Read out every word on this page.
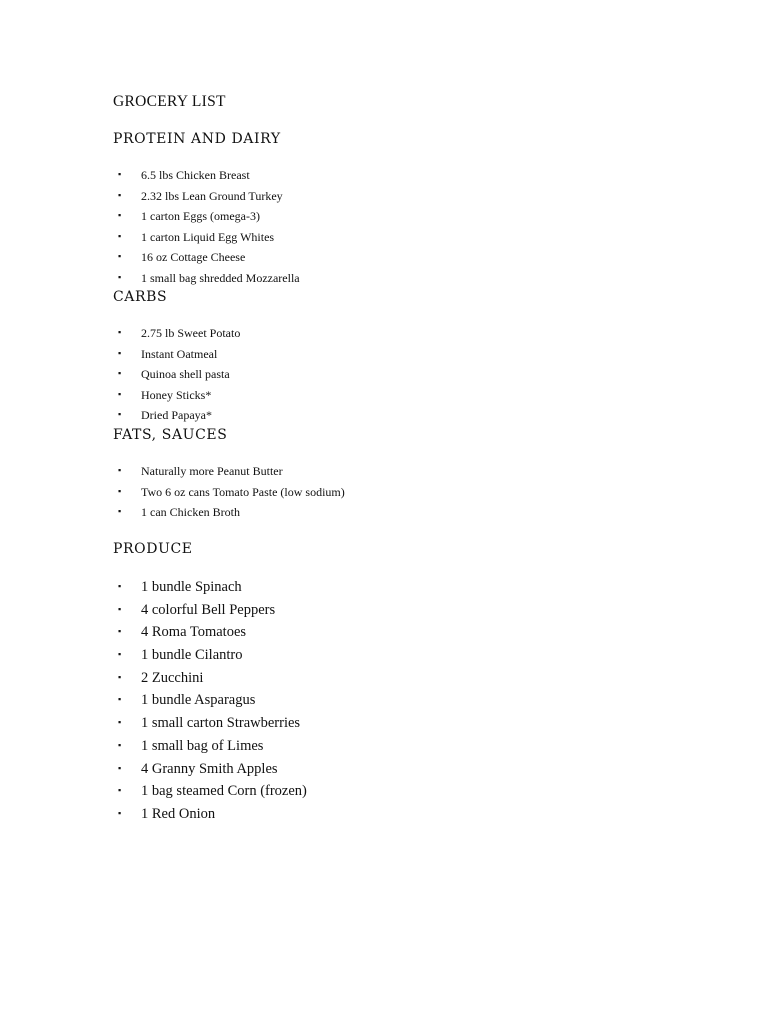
GROCERY LIST
PROTEIN AND DAIRY
▪ 6.5 lbs Chicken Breast
▪ 2.32 lbs Lean Ground Turkey
▪ 1 carton Eggs (omega-3)
▪ 1 carton Liquid Egg Whites
▪ 16 oz Cottage Cheese
▪ 1 small bag shredded Mozzarella
CARBS
▪ 2.75 lb Sweet Potato
▪ Instant Oatmeal
▪ Quinoa shell pasta
▪ Honey Sticks*
▪ Dried Papaya*
FATS, SAUCES
▪ Naturally more Peanut Butter
▪ Two 6 oz cans Tomato Paste (low sodium)
▪ 1 can Chicken Broth
PRODUCE
▪ 1 bundle Spinach
▪ 4 colorful Bell Peppers
▪ 4 Roma Tomatoes
▪ 1 bundle Cilantro
▪ 2 Zucchini
▪ 1 bundle Asparagus
▪ 1 small carton Strawberries
▪ 1 small bag of Limes
▪ 4 Granny Smith Apples
▪ 1 bag steamed Corn (frozen)
▪ 1 Red Onion
